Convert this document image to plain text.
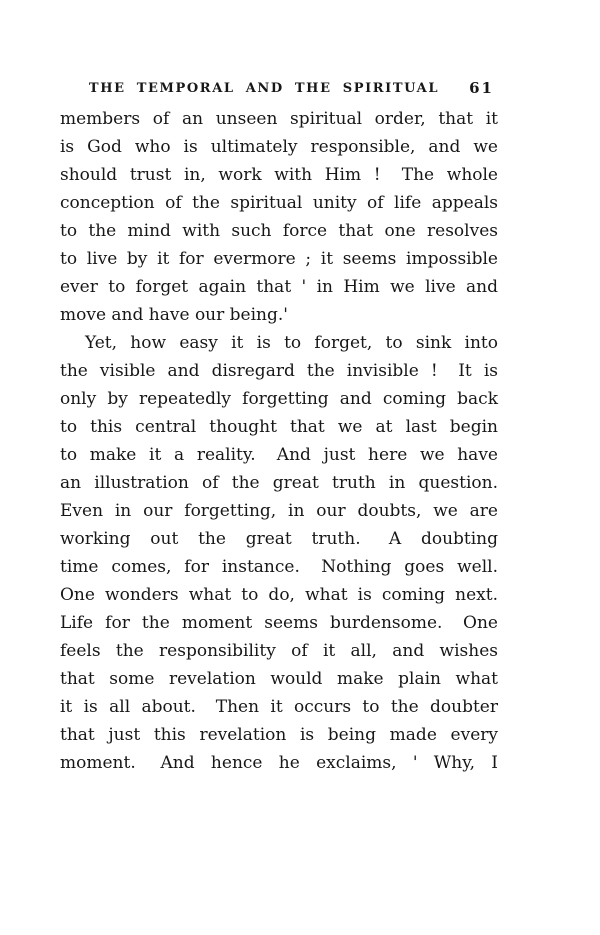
THE TEMPORAL AND THE SPIRITUAL	61
members of an unseen spiritual order, that it
is God who is ultimately responsible, and we
should trust in, work with Him !  The whole
conception of the spiritual unity of life appeals
to the mind with such force that one resolves
to live by it for evermore ; it seems impossible
ever to forget again that ' in Him we live and
move and have our being.'
Yet, how easy it is to forget, to sink into
the visible and disregard the invisible !  It is
only by repeatedly forgetting and coming back
to this central thought that we at last begin
to make it a reality.  And just here we have
an illustration of the great truth in question.
Even in our forgetting, in our doubts, we are
working out the great truth.  A doubting
time comes, for instance.  Nothing goes well.
One wonders what to do, what is coming next.
Life for the moment seems burdensome.  One
feels the responsibility of it all, and wishes
that some revelation would make plain what
it is all about.  Then it occurs to the doubter
that just this revelation is being made every
moment.  And hence he exclaims, ' Why, I
